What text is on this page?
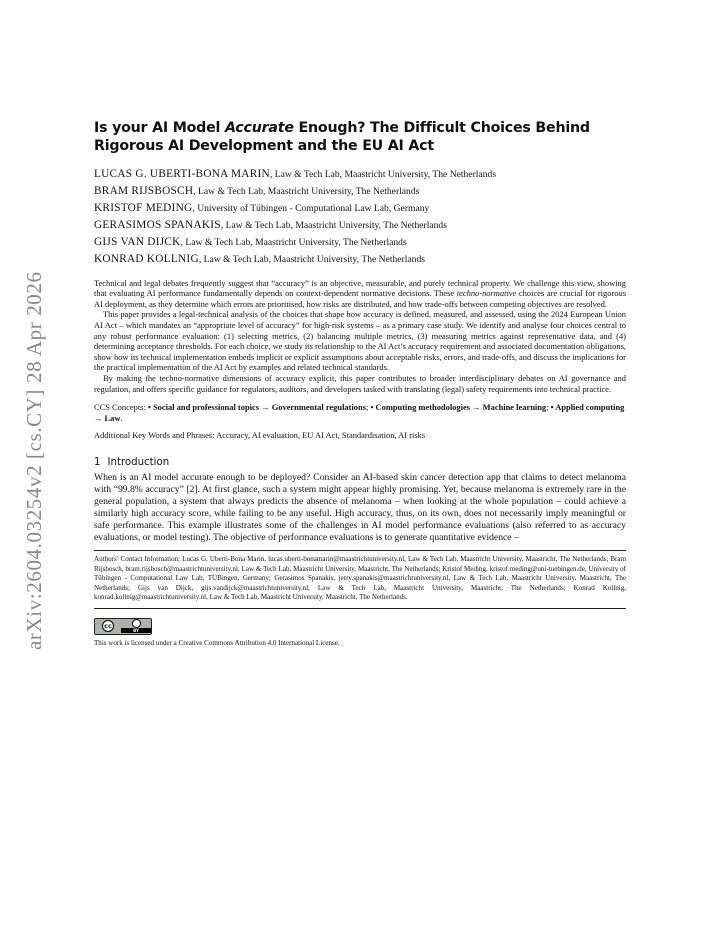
arXiv:2604.03254v2 [cs.CY] 28 Apr 2026
Is your AI Model Accurate Enough? The Difficult Choices Behind Rigorous AI Development and the EU AI Act
LUCAS G. UBERTI-BONA MARIN, Law & Tech Lab, Maastricht University, The Netherlands
BRAM RIJSBOSCH, Law & Tech Lab, Maastricht University, The Netherlands
KRISTOF MEDING, University of Tübingen - Computational Law Lab, Germany
GERASIMOS SPANAKIS, Law & Tech Lab, Maastricht University, The Netherlands
GIJS VAN DIJCK, Law & Tech Lab, Maastricht University, The Netherlands
KONRAD KOLLNIG, Law & Tech Lab, Maastricht University, The Netherlands

Technical and legal debates frequently suggest that “accuracy” is an objective, measurable, and purely technical property. We challenge this view, showing that evaluating AI performance fundamentally depends on context-dependent normative decisions. These techno-normative choices are crucial for rigorous AI deployment, as they determine which errors are prioritised, how risks are distributed, and how trade-offs between competing objectives are resolved.

This paper provides a legal-technical analysis of the choices that shape how accuracy is defined, measured, and assessed, using the 2024 European Union AI Act – which mandates an “appropriate level of accuracy” for high-risk systems – as a primary case study. We identify and analyse four choices central to any robust performance evaluation: (1) selecting metrics, (2) balancing multiple metrics, (3) measuring metrics against representative data, and (4) determining acceptance thresholds. For each choice, we study its relationship to the AI Act’s accuracy requirement and associated documentation obligations, show how its technical implementation embeds implicit or explicit assumptions about acceptable risks, errors, and trade-offs, and discuss the implications for the practical implementation of the AI Act by examples and related technical standards.

By making the techno-normative dimensions of accuracy explicit, this paper contributes to broader interdisciplinary debates on AI governance and regulation, and offers specific guidance for regulators, auditors, and developers tasked with translating (legal) safety requirements into technical practice.

CCS Concepts: • Social and professional topics → Governmental regulations; • Computing methodologies → Machine learning; • Applied computing → Law.

Additional Key Words and Phrases: Accuracy, AI evaluation, EU AI Act, Standardisation, AI risks

1 Introduction

When is an AI model accurate enough to be deployed? Consider an AI-based skin cancer detection app that claims to detect melanoma with “99.8% accuracy” [2]. At first glance, such a system might appear highly promising. Yet, because melanoma is extremely rare in the general population, a system that always predicts the absence of melanoma – when looking at the whole population – could achieve a similarly high accuracy score, while failing to be any useful. High accuracy, thus, on its own, does not necessarily imply meaningful or safe performance. This example illustrates some of the challenges in AI model performance evaluations (also referred to as accuracy evaluations, or model testing). The objective of performance evaluations is to generate quantitative evidence –

Authors’ Contact Information: Lucas G. Uberti-Bona Marin, lucas.uberti-bonamarin@maastrichtuniversity.nl, Law & Tech Lab, Maastricht University, Maastricht, The Netherlands; Bram Rijsbosch, bram.rijsbosch@maastrichtuniversity.nl, Law & Tech Lab, Maastricht University, Maastricht, The Netherlands; Kristof Meding, kristof.meding@uni-tuebingen.de, University of Tübingen - Computational Law Lab, TÜBingen, Germany; Gerasimos Spanakis, jerry.spanakis@maastrichtuniversity.nl, Law & Tech Lab, Maastricht University, Maastricht, The Netherlands; Gijs van Dijck, gijs.vandijck@maastrichtuniversity.nl, Law & Tech Lab, Maastricht University, Maastricht, The Netherlands; Konrad Kollnig, konrad.kollnig@maastrichtuniversity.nl, Law & Tech Lab, Maastricht University, Maastricht, The Netherlands.

cc
BY

This work is licensed under a Creative Commons Attribution 4.0 International License.
